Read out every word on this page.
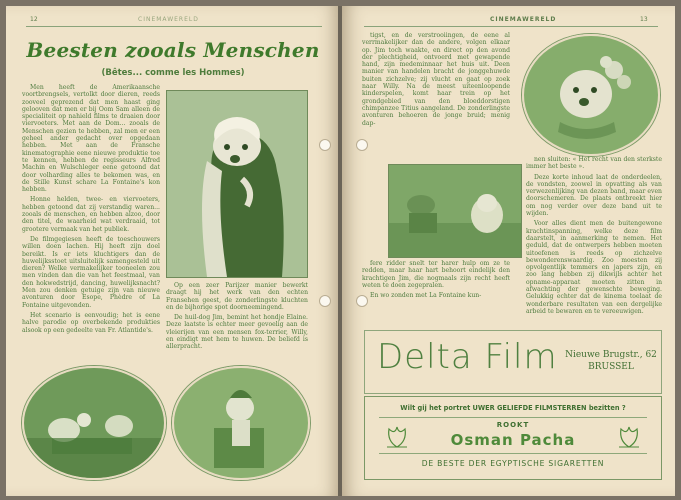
12	CINEMAWERELD
Beesten zooals Menschen
(Bêtes... comme les Hommes)

Men heeft de Amerikaansche voortbrengsels, vertolkt door dieren, reeds zooveel geprezend dat men haast ging gelooven dat men er bij Oom Sam alleen de specialiteit op nahield films te draaien door viervoeters. Met aan de Dom... zooals de Menschen gezien te hebben, zal men er een geheel ander gedacht over opgedaan hebben. Met aan de Fransche kinematographie eene nieuwe produktie toe te kennen, hebben de regisseurs Alfred Machin en Wulschleger eene getoond dat door volharding alles te bekomen was, en de Stille Kunst schare La Fontaine's kon hebben.

Honne helden, twee- en viervoeters, hebben getoond dat zij verstandig waren... zooals de menschen, en hebben alzoo, door den titel, de waarheid wat verdraaid, tot grootere vermaak van het publiek.

De filmgegiesen heeft de toeschouwers willen doen lachen. Hij heeft zijn doel bereikt. Is er iets kluchtigers dan de huwelijksstoet uitsluitelijk samengesteld uit dieren? Welke vermakelijker tooneelen zou men vinden dan die van het feestmaal, van den hokwedstrijd, dancing, huwelijksnacht? Men zou denken getuige zijn van nieuwe avonturen door Esope, Phèdre of La Fontaine uitgevonden.

Het scenario is eenvoudig; het is eene halve parodie op overbekende produkties alsook op een gedeelte van Fr. Atlantide's.

Op een zeer Parijzer manier bewerkt draagt hij het werk van den echten Fransehen geest, de zonderlingste kluchten en de bijhorige spot doorneemingend.

De huil-dog Jim, bemint het hondje Elaine. Deze laatste is echter meer gevoelig aan de vleierijen van een mensen fox-terrier, Willy, en eindigt met hem te huwen. De beliefd is allerpracht.

CINEMAWERELD	13

tigst, en de verstrooiingen, de eene al verrmakelijker dan de andere, volgen elkaar op. Jim toch waakte, en direct op den avond der plechtigheid, ontvoerd met gewapende hand, zijn medeminnaar het huis uit. Deen manier van handelen bracht de jonggehuwde buiten zichzelve; zij vlucht en gaat op zoek naar Willy. Na de meest uiteenloopende kinderspelen, komt haar trein op het grondgebied van den bloeddorstigen chimpanzee Titius aangeland. De zonderlingste avonturen behoeren de jonge bruid; menig dap-

fere ridder snelt ter harer hulp om ze te redden, maar haar hart behoort eindelijk den krachtigen Jim, die nogmaals zijn recht heeft weten te doen zegepralen.

En wo zonden met La Fontaine kun-

nen sluiten: « Het recht van den sterkste immer het beste ».

Deze korte inhoud laat de onderdeelen, de vondsten, zoowel in opvatting als van verwezenlijking van dezen band, maar even doorschemeren. De plaats ontbreekt hier om nog verder over deze band uit te wijden.

Voor alles dient men de buitengewone krachtinspanning, welke deze film daarstelt, in aanmerking te nemen. Het geduld, dat de ontwerpers hebben moeten uitoefenen is reeds op zichzelve bewonderenswaardig. Zoo moesten zij opvolgentlijk temmers en japers zijn, en zoo lang hebben zij dikwijls achter het opname-apparaat moeten zitten in afwachting der gewenschte beweging. Gelukkig echter dat de kinema toelaat de wonderbare resultaten van een dergelijke arbeid te bewaren en te vereeuwigen.

Delta Film Nieuwe Brugstr., 62
BRUSSEL
Wilt gij het portret UWER GELIEFDE FILMSTERREN bezitten ?
ROOKT
Osman Pacha
DE BESTE DER EGYPTISCHE SIGARETTEN
